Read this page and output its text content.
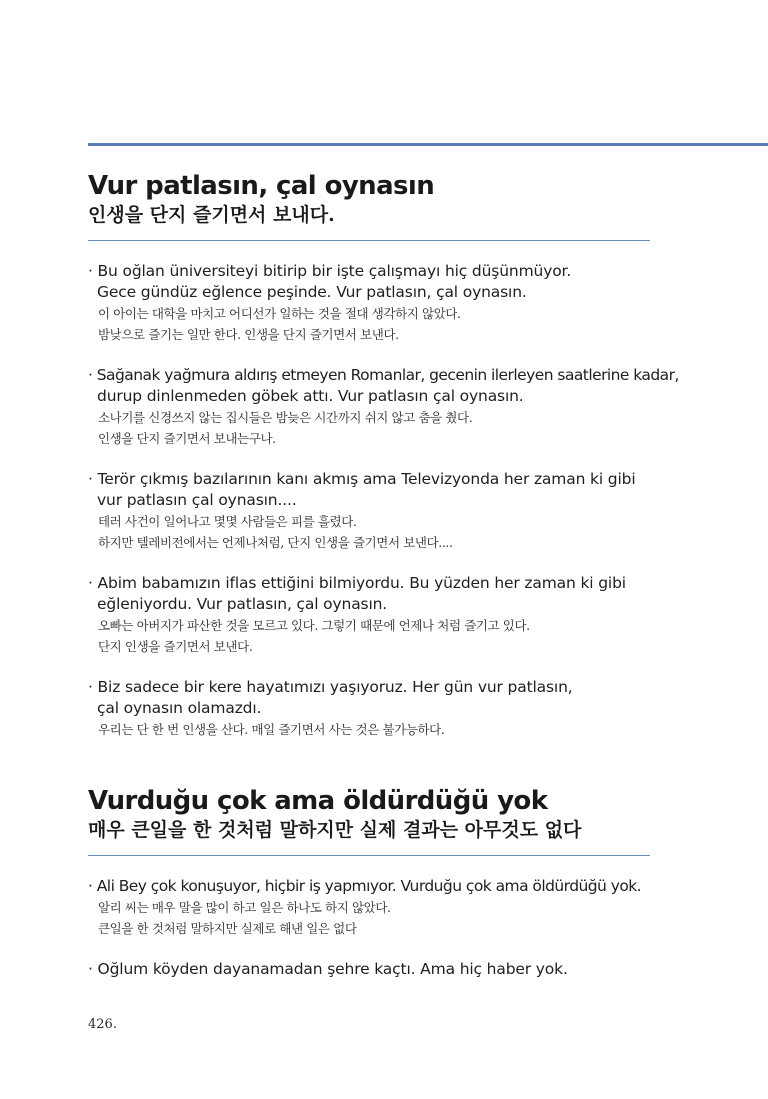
Vur patlasın, çal oynasın
인생을 단지 즐기면서 보내다.
· Bu oğlan üniversiteyi bitirip bir işte çalışmayı hiç düşünmüyor.
Gece gündüz eğlence peşinde. Vur patlasın, çal oynasın.
이 아이는 대학을 마치고 어디선가 일하는 것을 절대 생각하지 않았다.
밤낮으로 즐기는 일만 한다. 인생을 단지 즐기면서 보낸다.
· Sağanak yağmura aldırış etmeyen Romanlar, gecenin ilerleyen saatlerine kadar,
durup dinlenmeden göbek attı. Vur patlasın çal oynasın.
소나기를 신경쓰지 않는 집시들은 밤늦은 시간까지 쉬지 않고 춤을 췄다.
인생을 단지 즐기면서 보내는구나.
· Terör çıkmış bazılarının kanı akmış ama Televizyonda her zaman ki gibi
vur patlasın çal oynasın....
테러 사건이 일어나고 몇몇 사람들은 피를 흘렸다.
하지만 텔레비전에서는 언제나처럼, 단지 인생을 즐기면서 보낸다....
· Abim babamızın iflas ettiğini bilmiyordu. Bu yüzden her zaman ki gibi
eğleniyordu. Vur patlasın, çal oynasın.
오빠는 아버지가 파산한 것을 모르고 있다. 그렇기 때문에 언제나 처럼 즐기고 있다.
단지 인생을 즐기면서 보낸다.
· Biz sadece bir kere hayatımızı yaşıyoruz. Her gün vur patlasın,
çal oynasın olamazdı.
우리는 단 한 번 인생을 산다. 매일 즐기면서 사는 것은 불가능하다.
Vurduğu çok ama öldürdüğü yok
매우 큰일을 한 것처럼 말하지만 실제 결과는 아무것도 없다
· Ali Bey çok konuşuyor, hiçbir iş yapmıyor. Vurduğu çok ama öldürdüğü yok.
알리 씨는 매우 말을 많이 하고 일은 하나도 하지 않았다.
큰일을 한 것처럼 말하지만 실제로 해낸 일은 없다
· Oğlum köyden dayanamadan şehre kaçtı. Ama hiç haber yok.
426.
